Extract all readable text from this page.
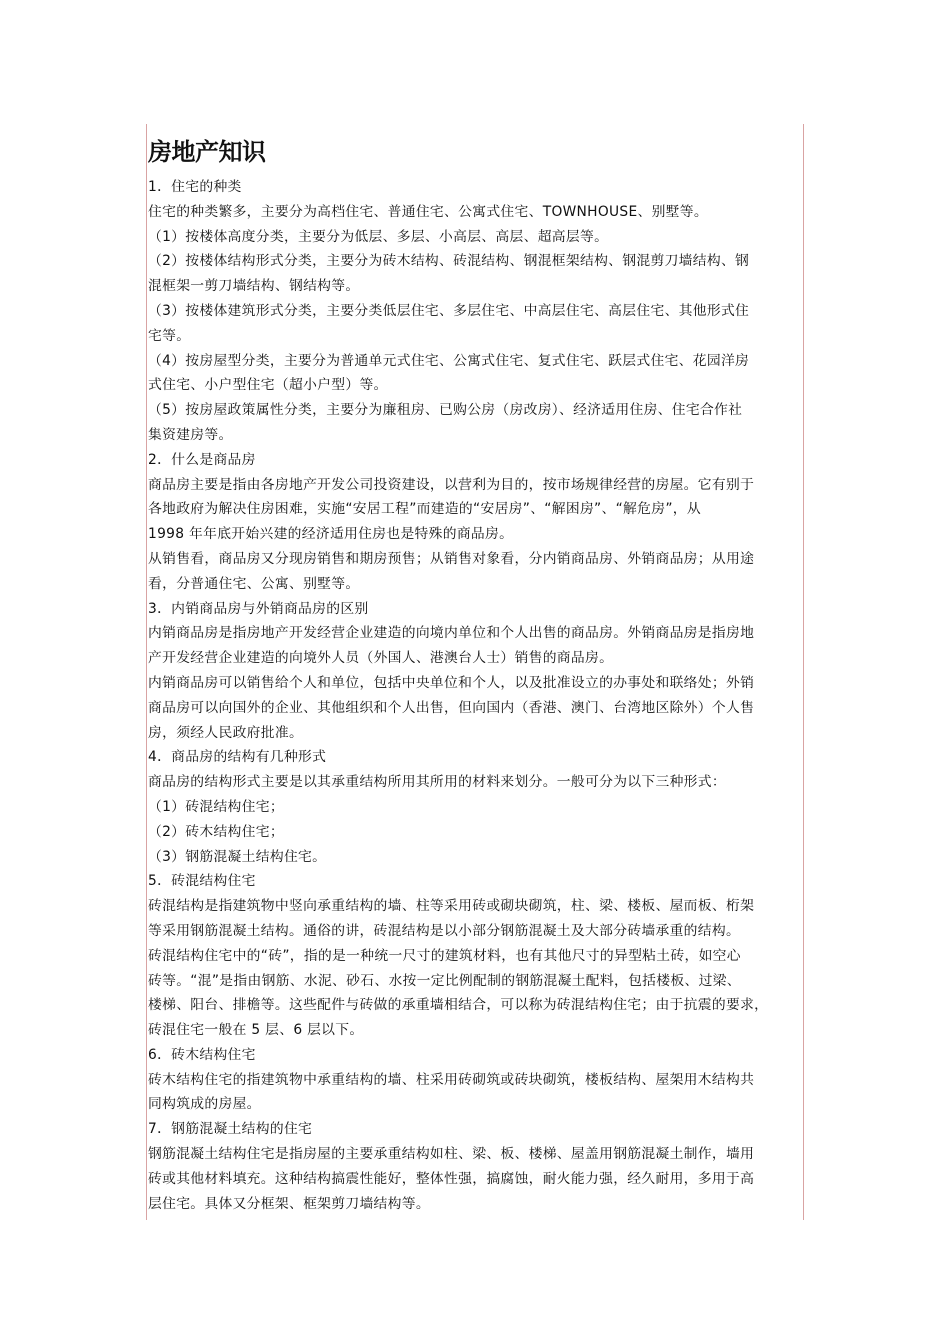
房地产知识

1．住宅的种类

住宅的种类繁多，主要分为高档住宅、普通住宅、公寓式住宅、TOWNHOUSE、别墅等。

（1）按楼体高度分类，主要分为低层、多层、小高层、高层、超高层等。

（2）按楼体结构形式分类，主要分为砖木结构、砖混结构、钢混框架结构、钢混剪刀墙结构、钢

混框架一剪刀墙结构、钢结构等。

（3）按楼体建筑形式分类，主要分类低层住宅、多层住宅、中高层住宅、高层住宅、其他形式住

宅等。

（4）按房屋型分类，主要分为普通单元式住宅、公寓式住宅、复式住宅、跃层式住宅、花园洋房

式住宅、小户型住宅（超小户型）等。

（5）按房屋政策属性分类，主要分为廉租房、已购公房（房改房）、经济适用住房、住宅合作社

集资建房等。

2．什么是商品房

商品房主要是指由各房地产开发公司投资建设，以营利为目的，按市场规律经营的房屋。它有别于

各地政府为解决住房困难，实施“安居工程”而建造的“安居房”、“解困房”、“解危房”，从

1998 年年底开始兴建的经济适用住房也是特殊的商品房。

从销售看，商品房又分现房销售和期房预售；从销售对象看，分内销商品房、外销商品房；从用途

看，分普通住宅、公寓、别墅等。

3．内销商品房与外销商品房的区别

内销商品房是指房地产开发经营企业建造的向境内单位和个人出售的商品房。外销商品房是指房地

产开发经营企业建造的向境外人员（外国人、港澳台人士）销售的商品房。

内销商品房可以销售给个人和单位，包括中央单位和个人，以及批准设立的办事处和联络处；外销

商品房可以向国外的企业、其他组织和个人出售，但向国内（香港、澳门、台湾地区除外）个人售

房，须经人民政府批准。

4．商品房的结构有几种形式

商品房的结构形式主要是以其承重结构所用其所用的材料来划分。一般可分为以下三种形式：

（1）砖混结构住宅；

（2）砖木结构住宅；

（3）钢筋混凝土结构住宅。

5．砖混结构住宅

砖混结构是指建筑物中竖向承重结构的墙、柱等采用砖或砌块砌筑，柱、梁、楼板、屋而板、桁架

等采用钢筋混凝土结构。通俗的讲，砖混结构是以小部分钢筋混凝土及大部分砖墙承重的结构。

砖混结构住宅中的“砖”，指的是一种统一尺寸的建筑材料，也有其他尺寸的异型粘土砖，如空心

砖等。“混”是指由钢筋、水泥、砂石、水按一定比例配制的钢筋混凝土配料，包括楼板、过梁、

楼梯、阳台、排檐等。这些配件与砖做的承重墙相结合，可以称为砖混结构住宅；由于抗震的要求，

砖混住宅一般在 5 层、6 层以下。

6．砖木结构住宅

砖木结构住宅的指建筑物中承重结构的墙、柱采用砖砌筑或砖块砌筑，楼板结构、屋架用木结构共

同构筑成的房屋。

7．钢筋混凝土结构的住宅

钢筋混凝土结构住宅是指房屋的主要承重结构如柱、梁、板、楼梯、屋盖用钢筋混凝土制作，墙用

砖或其他材料填充。这种结构搞震性能好，整体性强，搞腐蚀，耐火能力强，经久耐用，多用于高

层住宅。具体又分框架、框架剪刀墙结构等。
